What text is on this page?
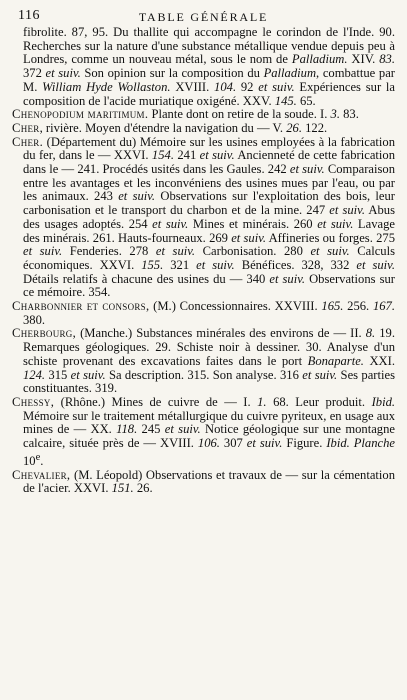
116	TABLE GÉNÉRALE

fibrolite. 87, 95. Du thallite qui accompagne le corindon de l'Inde. 90. Recherches sur la nature d'une substance métallique vendue depuis peu à Londres, comme un nouveau métal, sous le nom de Palladium. XIV. 83. 372 et suiv. Son opinion sur la composition du Palladium, combattue par M. William Hyde Wollaston. XVIII. 104. 92 et suiv. Expériences sur la composition de l'acide muriatique oxigéné. XXV. 145. 65.

Chenopodium maritimum. Plante dont on retire de la soude. I. 3. 83.

Cher, rivière. Moyen d'étendre la navigation du — V. 26. 122.

Cher. (Département du) Mémoire sur les usines employées à la fabrication du fer, dans le — XXVI. 154. 241 et suiv. Ancienneté de cette fabrication dans le — 241. Procédés usités dans les Gaules. 242 et suiv. Comparaison entre les avantages et les inconvéniens des usines mues par l'eau, ou par les animaux. 243 et suiv. Observations sur l'exploitation des bois, leur carbonisation et le transport du charbon et de la mine. 247 et suiv. Abus des usages adoptés. 254 et suiv. Mines et minérais. 260 et suiv. Lavage des minérais. 261. Hauts-fourneaux. 269 et suiv. Affineries ou forges. 275 et suiv. Fenderies. 278 et suiv. Carbonisation. 280 et suiv. Calculs économiques. XXVI. 155. 321 et suiv. Bénéfices. 328, 332 et suiv. Détails relatifs à chacune des usines du — 340 et suiv. Observations sur ce mémoire. 354.

Charbonnier et consors, (M.) Concessionnaires. XXVIII. 165. 256. 167. 380.

Cherbourg, (Manche.) Substances minérales des environs de — II. 8. 19. Remarques géologiques. 29. Schiste noir à dessiner. 30. Analyse d'un schiste provenant des excavations faites dans le port Bonaparte. XXI. 124. 315 et suiv. Sa description. 315. Son analyse. 316 et suiv. Ses parties constituantes. 319.

Chessy, (Rhône.) Mines de cuivre de — I. 1. 68. Leur produit. Ibid. Mémoire sur le traitement métallurgique du cuivre pyriteux, en usage aux mines de — XX. 118. 245 et suiv. Notice géologique sur une montagne calcaire, située près de — XVIII. 106. 307 et suiv. Figure. Ibid. Planche 10e.

Chevalier, (M. Léopold) Observations et travaux de — sur la cémentation de l'acier. XXVI. 151. 26.
